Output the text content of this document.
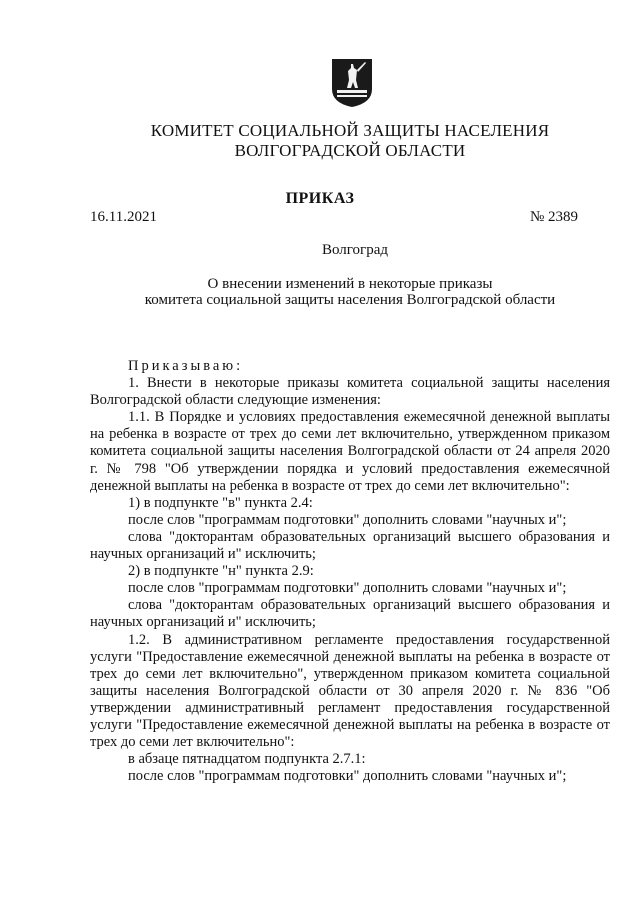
КОМИТЕТ СОЦИАЛЬНОЙ ЗАЩИТЫ НАСЕЛЕНИЯ
ВОЛГОГРАДСКОЙ ОБЛАСТИ
ПРИКАЗ
16.11.2021	№ 2389
Волгоград
О внесении изменений в некоторые приказы
комитета социальной защиты населения Волгоградской области

Приказываю:

1. Внести в некоторые приказы комитета социальной защиты населения Волгоградской области следующие изменения:

1.1. В Порядке и условиях предоставления ежемесячной денежной выплаты на ребенка в возрасте от трех до семи лет включительно, утвержденном приказом комитета социальной защиты населения Волгоградской области от 24 апреля 2020 г. № 798 "Об утверждении порядка и условий предоставления ежемесячной денежной выплаты на ребенка в возрасте от трех до семи лет включительно":

1) в подпункте "в" пункта 2.4:

после слов "программам подготовки" дополнить словами "научных и";

слова "докторантам образовательных организаций высшего образования и научных организаций и" исключить;

2) в подпункте "н" пункта 2.9:

после слов "программам подготовки" дополнить словами "научных и";

слова "докторантам образовательных организаций высшего образования и научных организаций и" исключить;

1.2. В административном регламенте предоставления государственной услуги "Предоставление ежемесячной денежной выплаты на ребенка в возрасте от трех до семи лет включительно", утвержденном приказом комитета социальной защиты населения Волгоградской области от 30 апреля 2020 г. № 836 "Об утверждении административный регламент предоставления государственной услуги "Предоставление ежемесячной денежной выплаты на ребенка в возрасте от трех до семи лет включительно":

в абзаце пятнадцатом подпункта 2.7.1:

после слов "программам подготовки" дополнить словами "научных и";
